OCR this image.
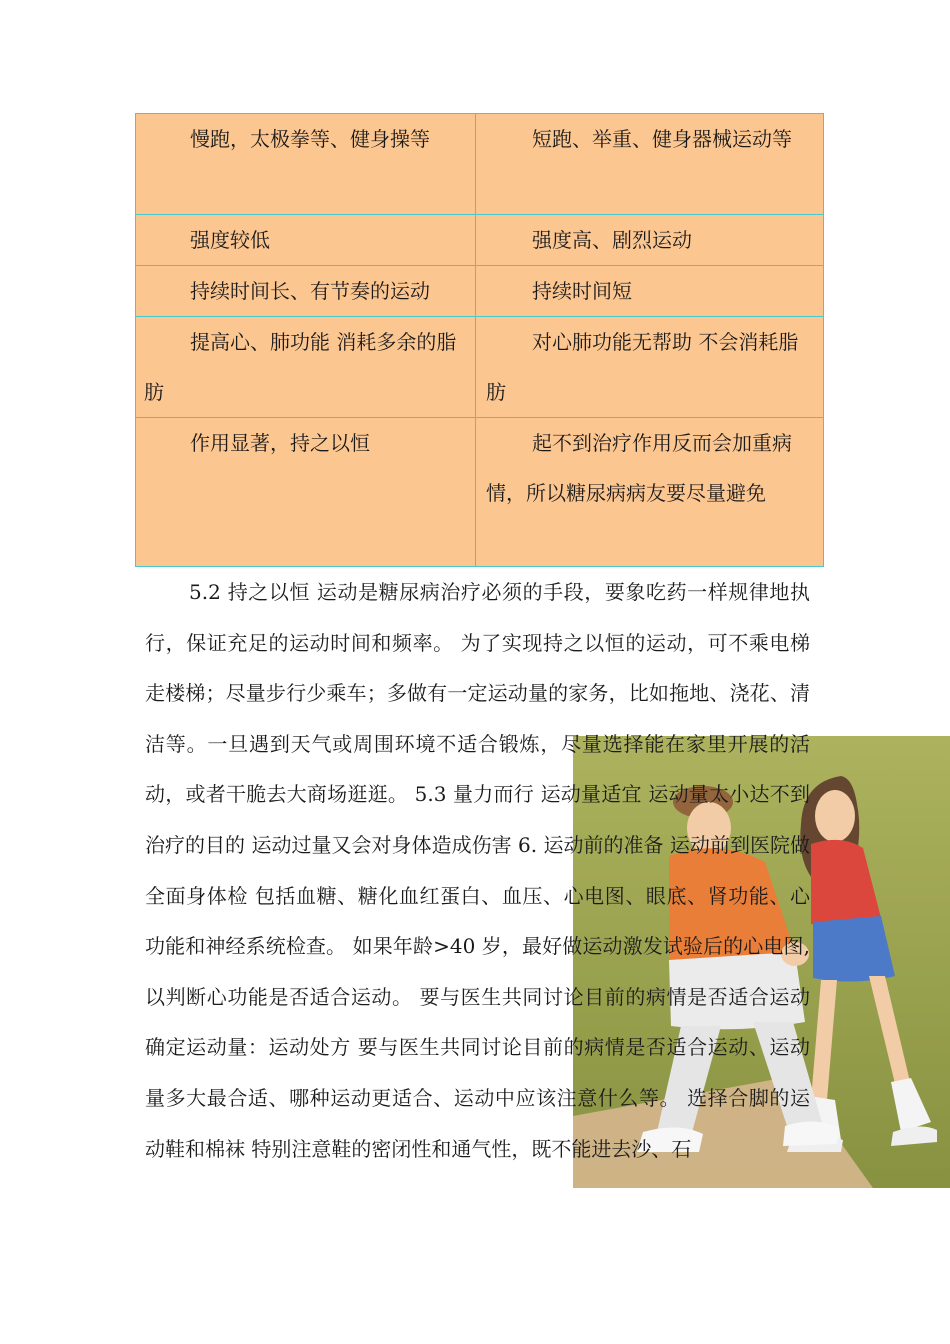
慢跑，太极拳等、健身操等	短跑、举重、健身器械运动等
强度较低	强度高、剧烈运动
持续时间长、有节奏的运动	持续时间短
提高心、肺功能 消耗多余的脂肪	对心肺功能无帮助 不会消耗脂肪
作用显著，持之以恒	起不到治疗作用反而会加重病情，所以糖尿病病友要尽量避免

5.2 持之以恒 运动是糖尿病治疗必须的手段，要象吃药一样规律地执行，保证充足的运动时间和频率。 为了实现持之以恒的运动，可不乘电梯走楼梯；尽量步行少乘车；多做有一定运动量的家务，比如拖地、浇花、清洁等。一旦遇到天气或周围环境不适合锻炼，尽量选择能在家里开展的活动，或者干脆去大商场逛逛。 5.3 量力而行 运动量适宜 运动量太小达不到治疗的目的 运动过量又会对身体造成伤害 6. 运动前的准备 运动前到医院做全面身体检 包括血糖、糖化血红蛋白、血压、心电图、眼底、肾功能、心功能和神经系统检查。 如果年龄>40 岁，最好做运动激发试验后的心电图,以判断心功能是否适合运动。 要与医生共同讨论目前的病情是否适合运动 确定运动量：运动处方 要与医生共同讨论目前的病情是否适合运动、运动量多大最合适、哪种运动更适合、运动中应该注意什么等。 选择合脚的运动鞋和棉袜 特别注意鞋的密闭性和通气性，既不能进去沙、石
